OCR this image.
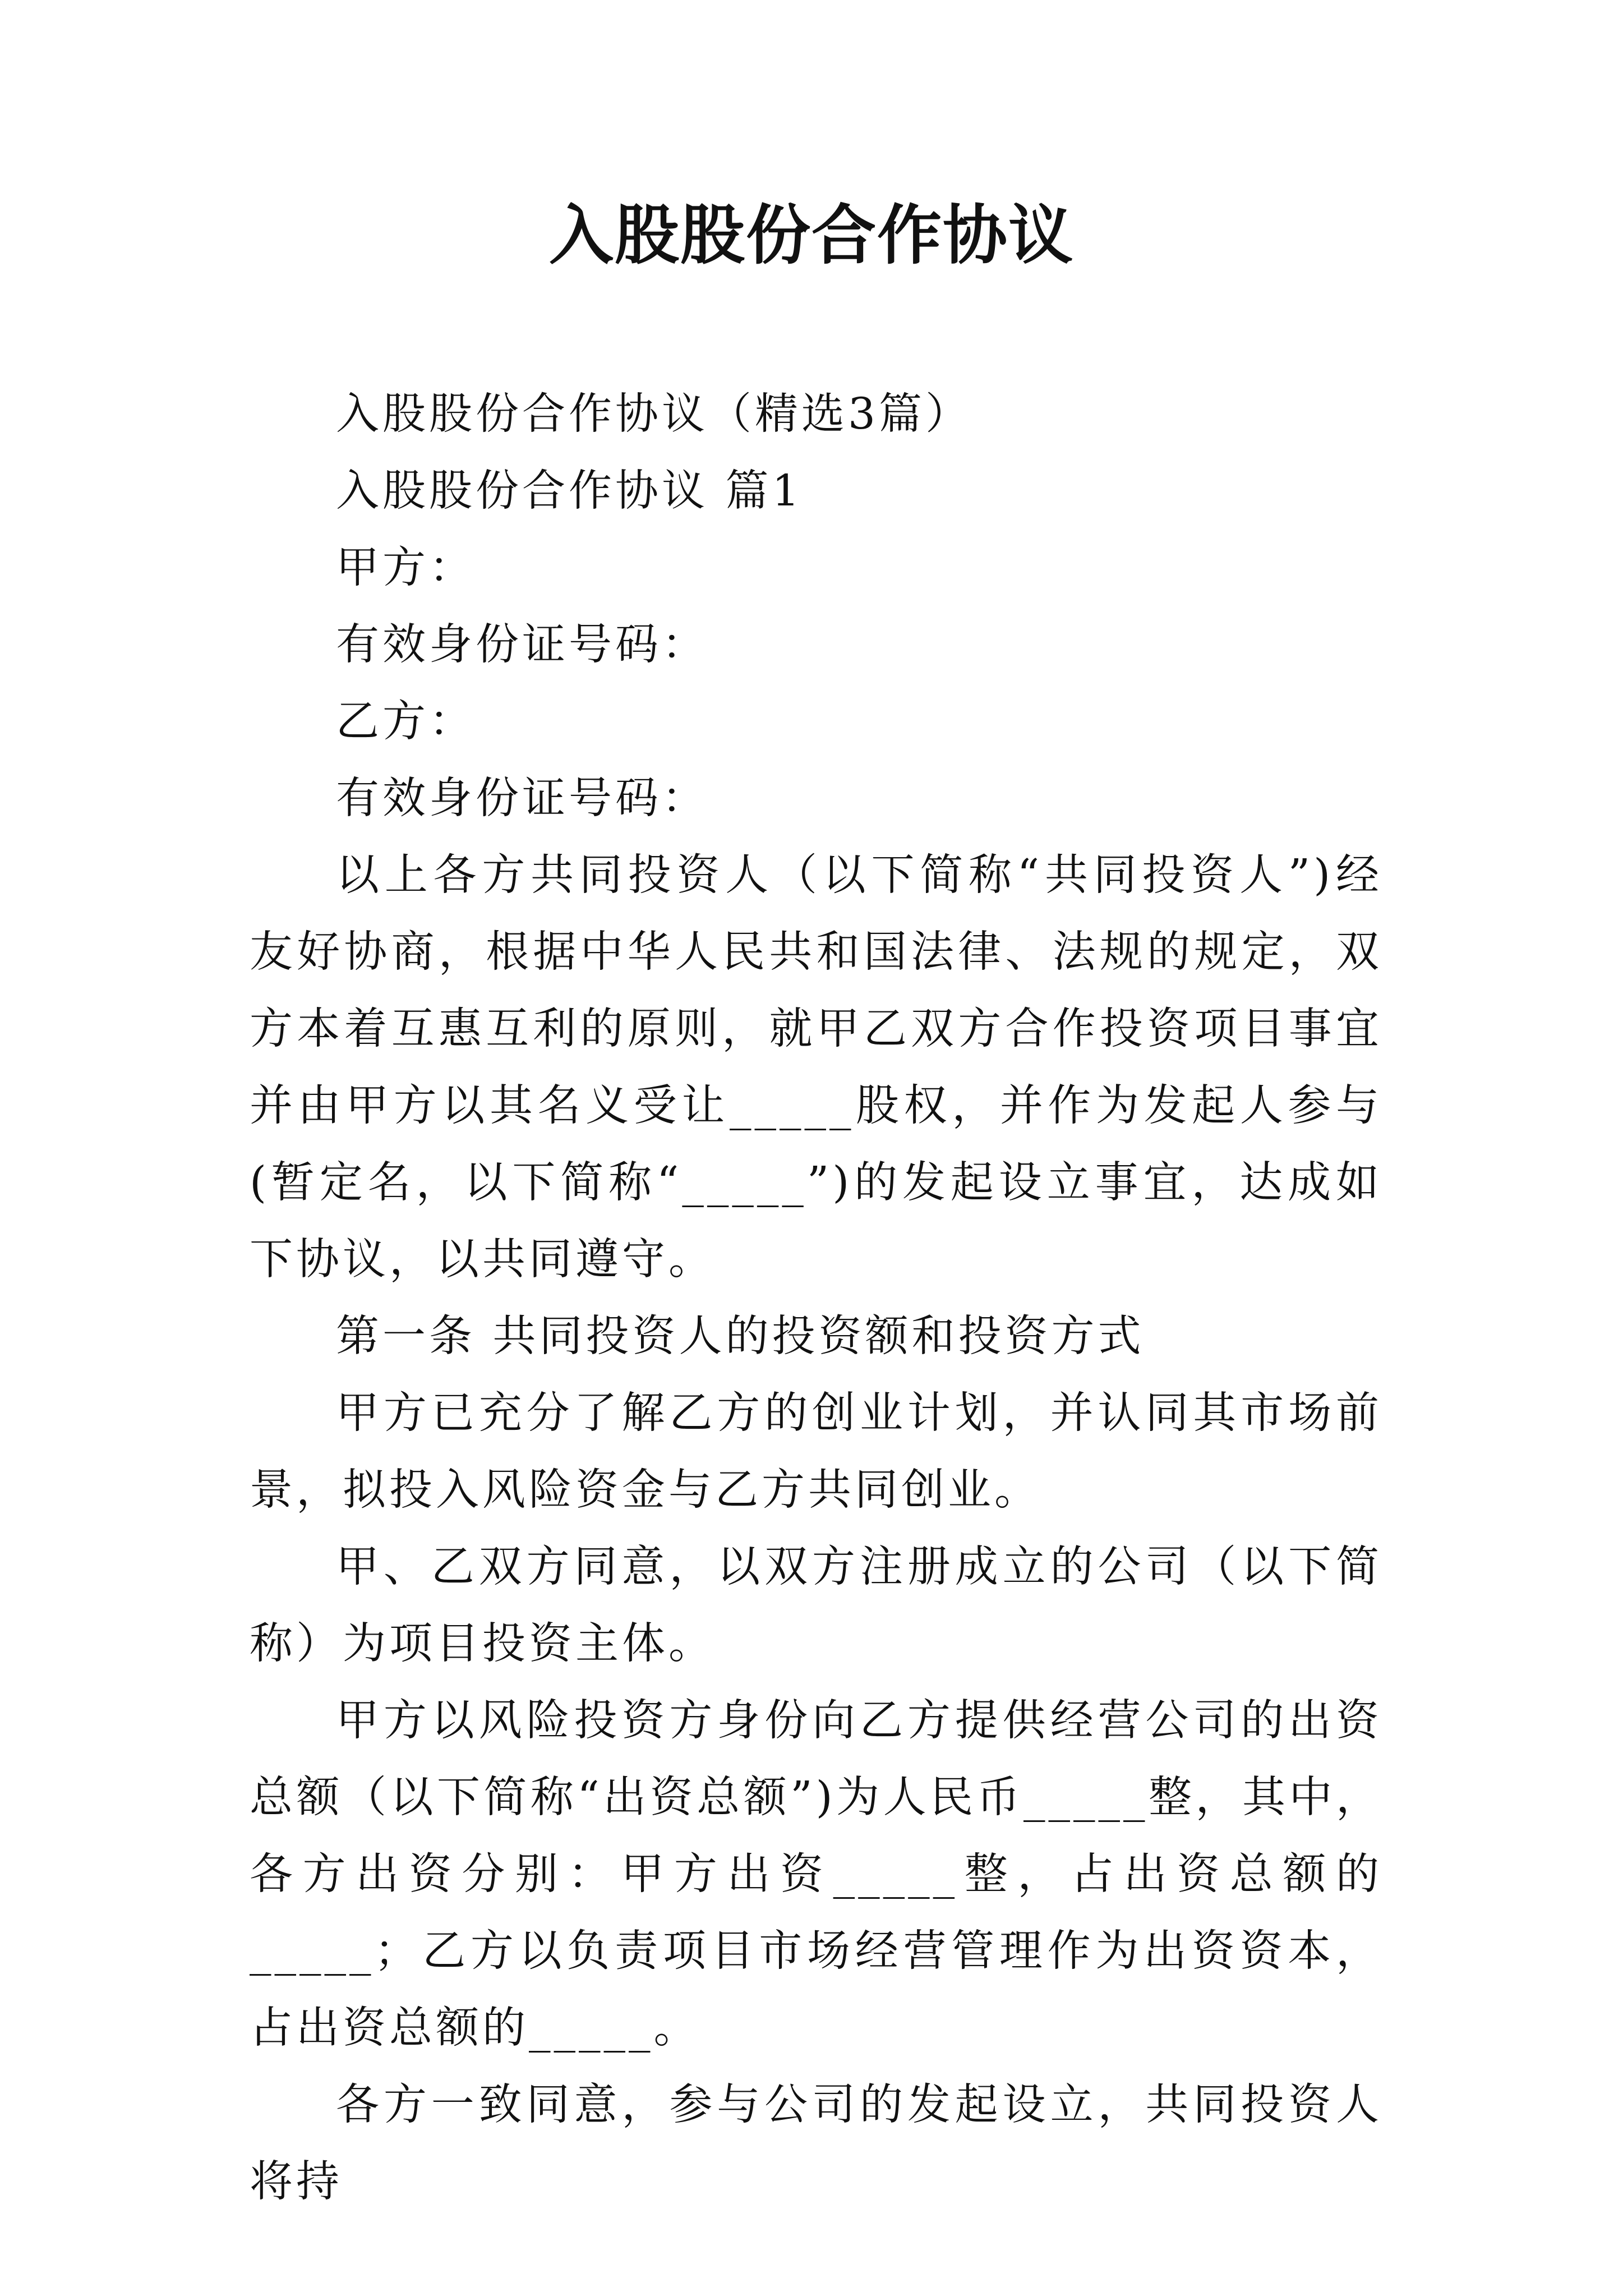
入股股份合作协议

入股股份合作协议（精选3篇）

入股股份合作协议 篇1

甲方：

有效身份证号码：

乙方：

有效身份证号码：

以上各方共同投资人（以下简称“共同投资人”)经友好协商，根据中华人民共和国法律、法规的规定，双方本着互惠互利的原则，就甲乙双方合作投资项目事宜并由甲方以其名义受让_____股权，并作为发起人参与 (暂定名，以下简称“_____”)的发起设立事宜，达成如下协议，以共同遵守。

第一条 共同投资人的投资额和投资方式

甲方已充分了解乙方的创业计划，并认同其市场前景，拟投入风险资金与乙方共同创业。

甲、乙双方同意，以双方注册成立的公司（以下简称）为项目投资主体。

甲方以风险投资方身份向乙方提供经营公司的出资总额（以下简称“出资总额”)为人民币_____整，其中，各方出资分别：甲方出资_____整，占出资总额的_____；乙方以负责项目市场经营管理作为出资资本，占出资总额的_____。

各方一致同意，参与公司的发起设立，共同投资人将持
